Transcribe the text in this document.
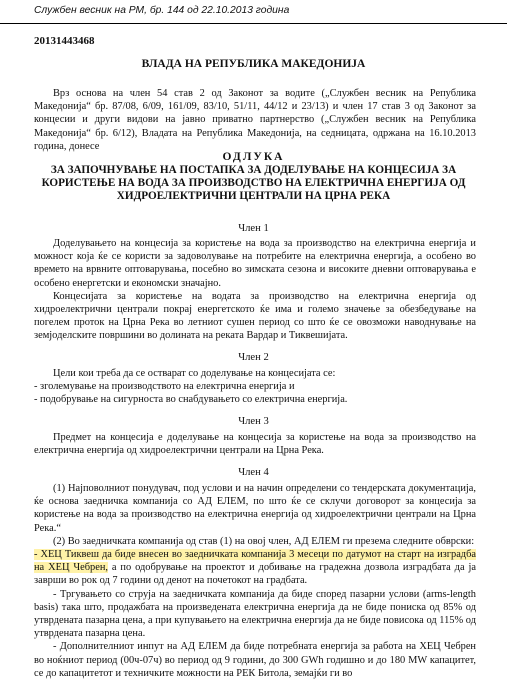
Службен весник на РМ, бр. 144 од 22.10.2013 година
20131443468
ВЛАДА НА РЕПУБЛИКА МАКЕДОНИЈА

Врз основа на член 54 став 2 од Законот за водите („Службен весник на Република Македонија“ бр. 87/08, 6/09, 161/09, 83/10, 51/11, 44/12 и 23/13) и член 17 став 3 од Законот за концесии и други видови на јавно приватно партнерство („Службен весник на Република Македонија“ бр. 6/12), Владата на Република Македонија, на седницата, одржана на 16.10.2013 година, донесе

ОДЛУКА
ЗА ЗАПОЧНУВАЊЕ НА ПОСТАПКА ЗА ДОДЕЛУВАЊЕ НА КОНЦЕСИЈА ЗА КОРИСТЕЊЕ НА ВОДА ЗА ПРОИЗВОДСТВО НА ЕЛЕКТРИЧНА ЕНЕРГИЈА ОД ХИДРОЕЛЕКТРИЧНИ ЦЕНТРАЛИ НА ЦРНА РЕКА
Член 1

Доделувањето на концесија за користење на вода за производство на електрична енергија и можност која ќе се користи за задоволување на потребите на електрична енергија, а особено во времето на врвните оптоварувања, посебно во зимската сезона и високите дневни оптоварувања е особено енергетски и економски значајно.

Концесијата за користење на водата за производство на електрична енергија од хидроелектрични централи покрај енергетското ќе има и големо значење за обезбедување на погелем проток на Црна Река во летниот сушен период со што ќе се овозможи наводнување на земјоделските површини во долината на реката Вардар и Тиквешијата.

Член 2

Цели кои треба да се остварат со доделување на концесијата се:

- зголемување на производството на електрична енергија и

- подобрување на сигурноста во снабдувањето со електрична енергија.

Член 3

Предмет на концесија е доделување на концесија за користење на вода за производство на електрична енергија од хидроелектрични централи на Црна Река.

Член 4

(1) Најповолниот понудувач, под услови и на начин определени со тендерската документација, ќе основа заедничка компанија со АД ЕЛЕМ, по што ќе се склучи договорот за концесија за користење на вода за производство на електрична енергија од хидроелектрични централи на Црна Река.“

(2) Во заедничката компанија од став (1) на овој член, АД ЕЛЕМ ги презема следните обврски:

- ХЕЦ Тиквеш да биде внесен во заедничката компанија 3 месеци по датумот на старт на изградба на ХЕЦ Чебрен, а по одобрување на проектот и добивање на градежна дозвола изградбата да ја заврши во рок од 7 години од денот на почетокот на градбата.

- Тргувањето со струја на заедничката компанија да биде според пазарни услови (arms-length basis) така што, продажбата на произведената електрична енергија да не биде пониска од 85% од утврдената пазарна цена, а при купувањето на електрична енергија да не биде повисока од 115% од утврдената пазарна цена.

- Дополнителниот инпут на АД ЕЛЕМ да биде потребната енергија за работа на ХЕЦ Чебрен во ноќниот период (00ч-07ч) во период од 9 години, до 300 GWh годишно и до 180 MW капацитет, се до капацитетот и техничките можности на РЕК Битола, земајќи ги во
